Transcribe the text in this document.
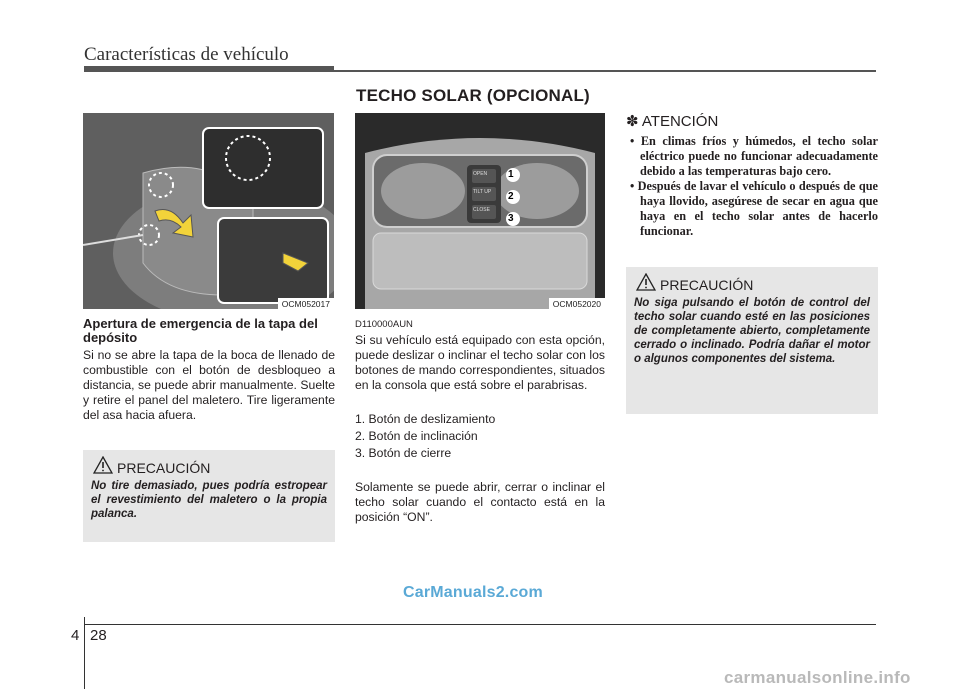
Características de vehículo
TECHO SOLAR (OPCIONAL)
OCM052017
1
2
3
OPEN
TILT UP
CLOSE
OCM052020
Apertura de emergencia de la tapa del depósito
Si no se abre la tapa de la boca de llenado de combustible con el botón de desbloqueo a distancia, se puede abrir manualmente. Suelte y retire el panel del maletero. Tire ligeramente del asa hacia afuera.
PRECAUCIÓN
No tire demasiado, pues podría estropear el revestimiento del maletero o la propia palanca.
D110000AUN
Si su vehículo está equipado con esta opción, puede deslizar o inclinar el techo solar con los botones de mando correspondientes, situados en la consola que está sobre el parabrisas.
1. Botón de deslizamiento
2. Botón de inclinación
3. Botón de cierre
Solamente se puede abrir, cerrar o inclinar el techo solar cuando el contacto está en la posición “ON”.
✽ ATENCIÓN
• En climas fríos y húmedos, el techo solar eléctrico puede no funcionar adecuadamente debido a las temperaturas bajo cero.
• Después de lavar el vehículo o después de que haya llovido, asegúrese de secar en agua que haya en el techo solar antes de hacerlo funcionar.
PRECAUCIÓN
No siga pulsando el botón de control del techo solar cuando esté en las posiciones de completamente abierto, completamente cerrado o inclinado. Podría dañar el motor o algunos componentes del sistema.
4 28
CarManuals2.com
carmanualsonline.info
